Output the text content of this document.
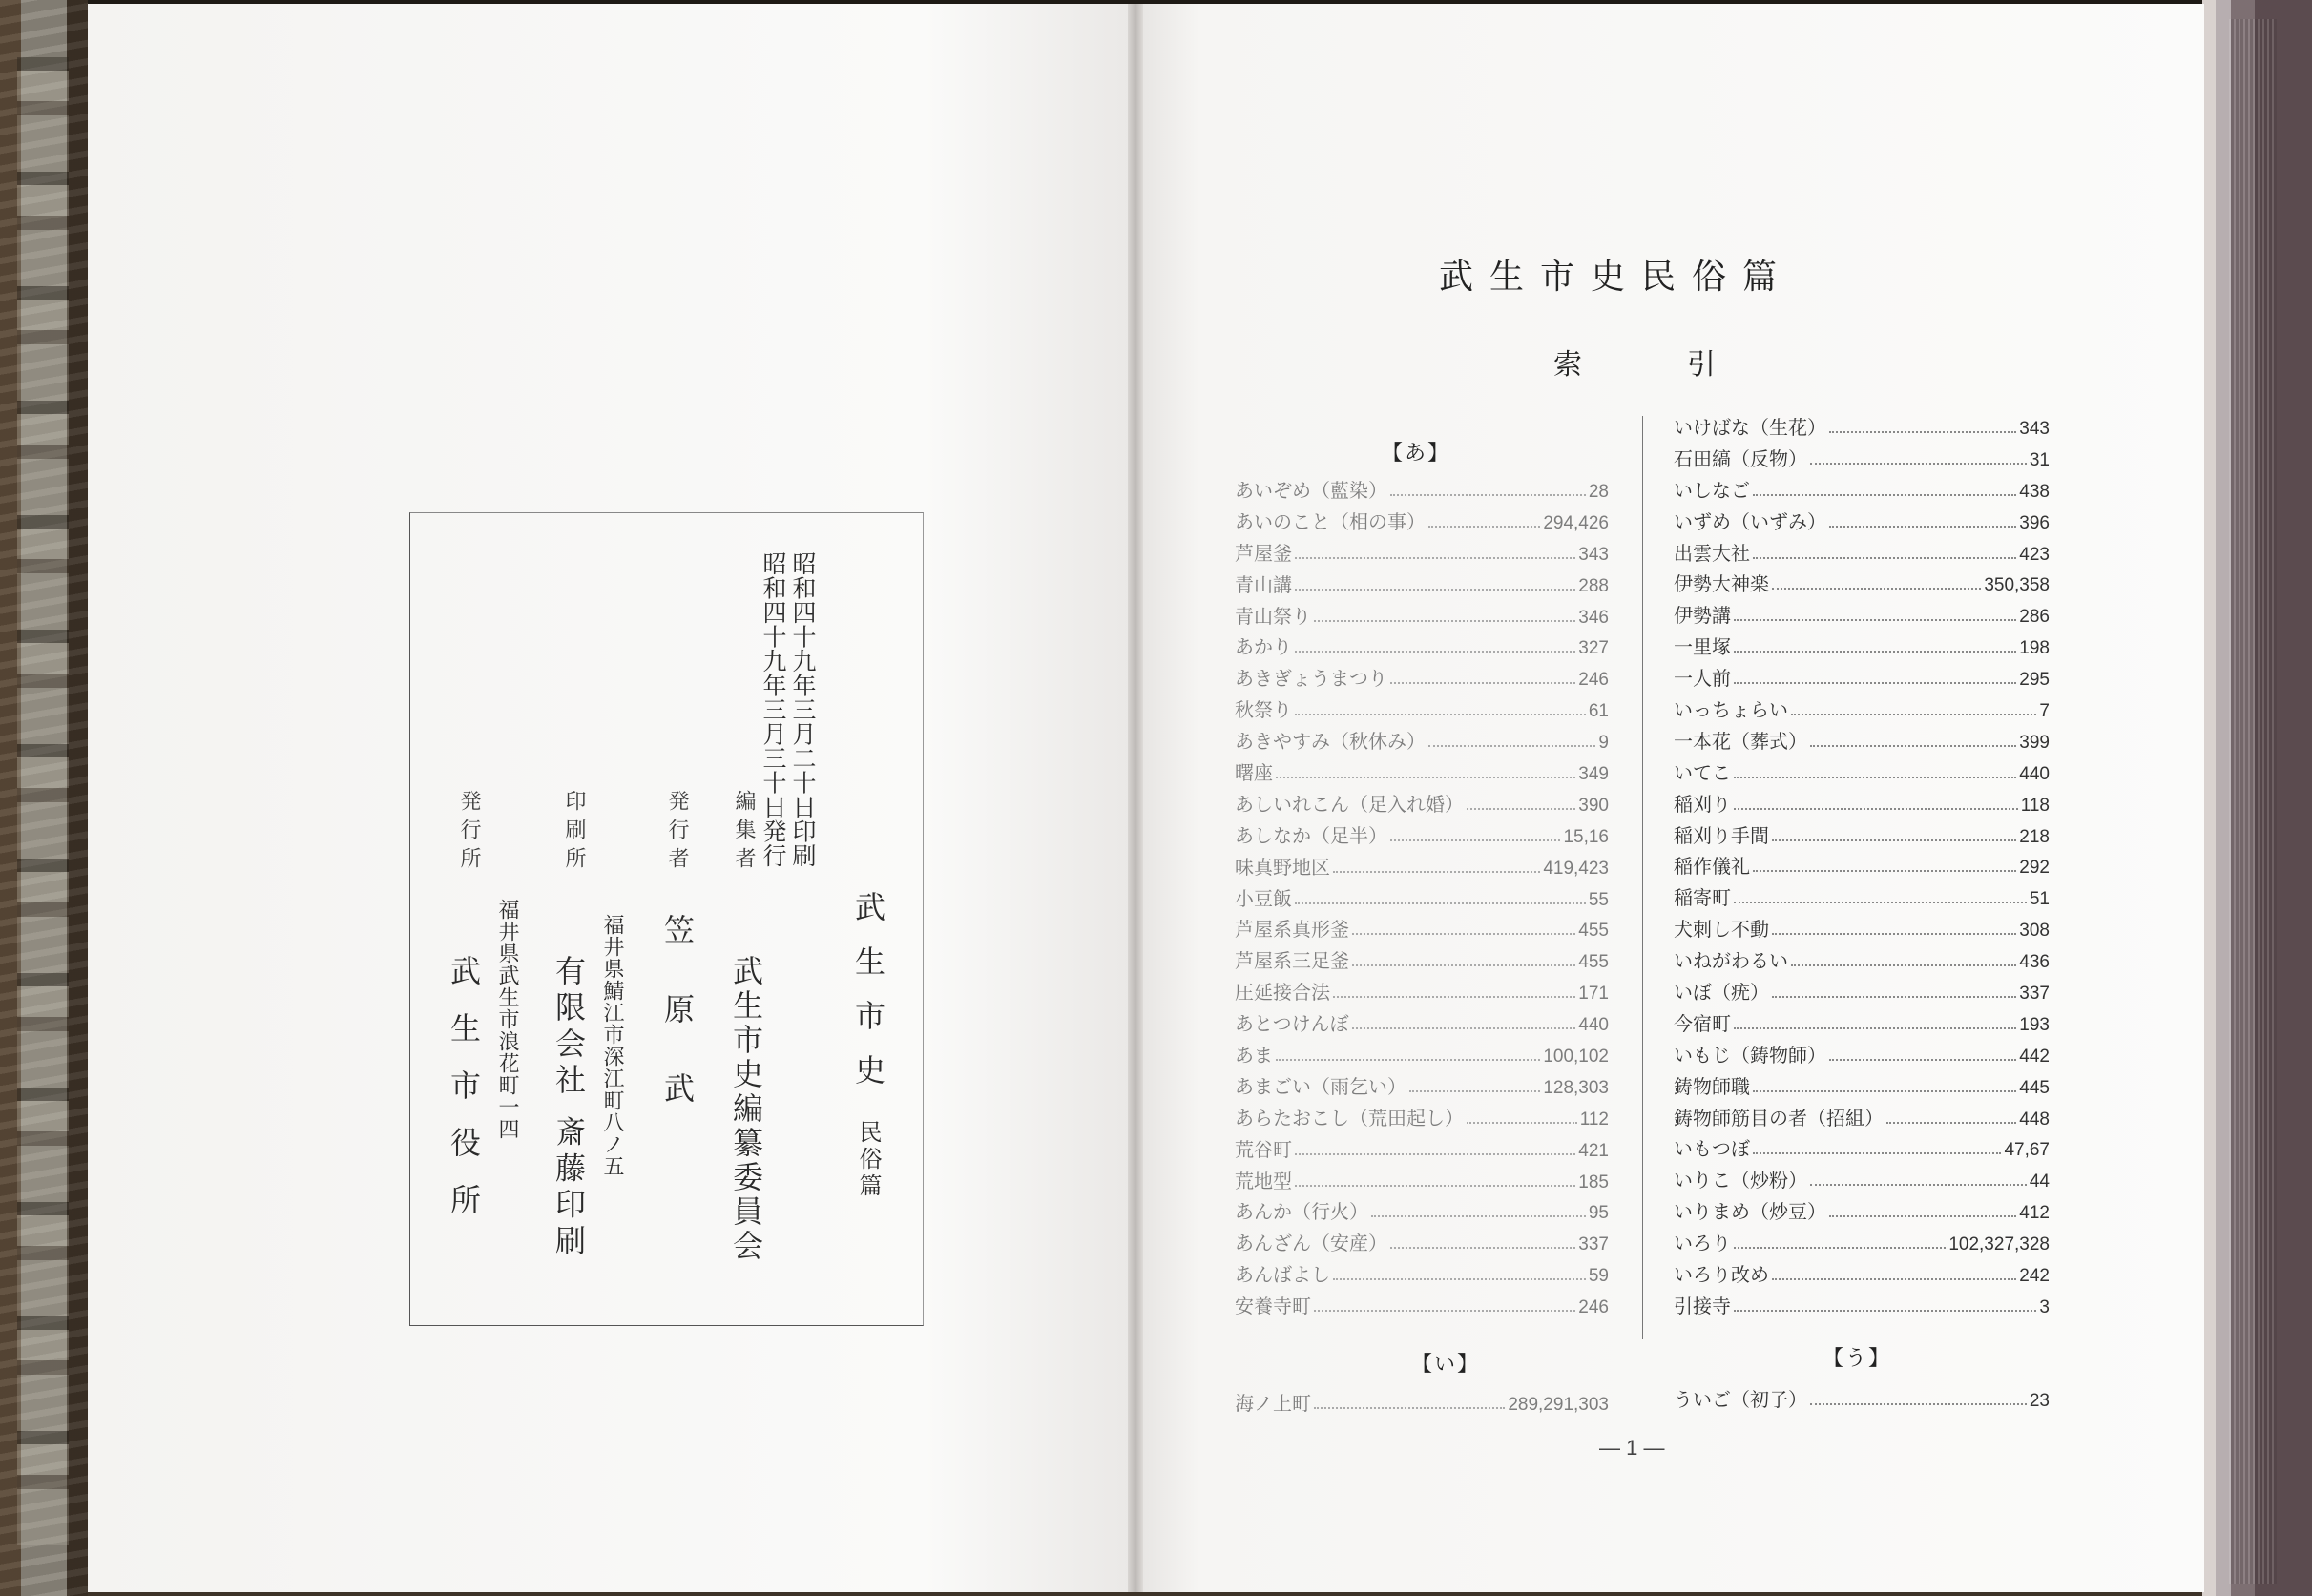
昭和四十九年三月二十日印刷
昭和四十九年三月三十日発行
武生市史民俗篇
編集者
武生市史編纂委員会
発行者
笠原武
印刷所
福井県鯖江市深江町八ノ五
有限会社 斎藤印刷
発行所
福井県武生市浪花町一四
武生市役所
武生市史民俗篇
索	引
【あ】
あいぞめ（藍染）	28
あいのこと（相の事）	294,426
芦屋釜	343
青山講	288
青山祭り	346
あかり	327
あきぎょうまつり	246
秋祭り	61
あきやすみ（秋休み）	9
曙座	349
あしいれこん（足入れ婚）	390
あしなか（足半）	15,16
味真野地区	419,423
小豆飯	55
芦屋系真形釜	455
芦屋系三足釜	455
圧延接合法	171
あとつけんぼ	440
あま	100,102
あまごい（雨乞い）	128,303
あらたおこし（荒田起し）	112
荒谷町	421
荒地型	185
あんか（行火）	95
あんざん（安産）	337
あんばよし	59
安養寺町	246
いけばな（生花）	343
石田縞（反物）	31
いしなご	438
いずめ（いずみ）	396
出雲大社	423
伊勢大神楽	350,358
伊勢講	286
一里塚	198
一人前	295
いっちょらい	7
一本花（葬式）	399
いてこ	440
稲刈り	118
稲刈り手間	218
稲作儀礼	292
稲寄町	51
犬刺し不動	308
いねがわるい	436
いぼ（疣）	337
今宿町	193
いもじ（鋳物師）	442
鋳物師職	445
鋳物師筋目の者（招組）	448
いもつぼ	47,67
いりこ（炒粉）	44
いりまめ（炒豆）	412
いろり	102,327,328
いろり改め	242
引接寺	3
【い】
海ノ上町	289,291,303
【う】
ういご（初子）	23
— 1 —
